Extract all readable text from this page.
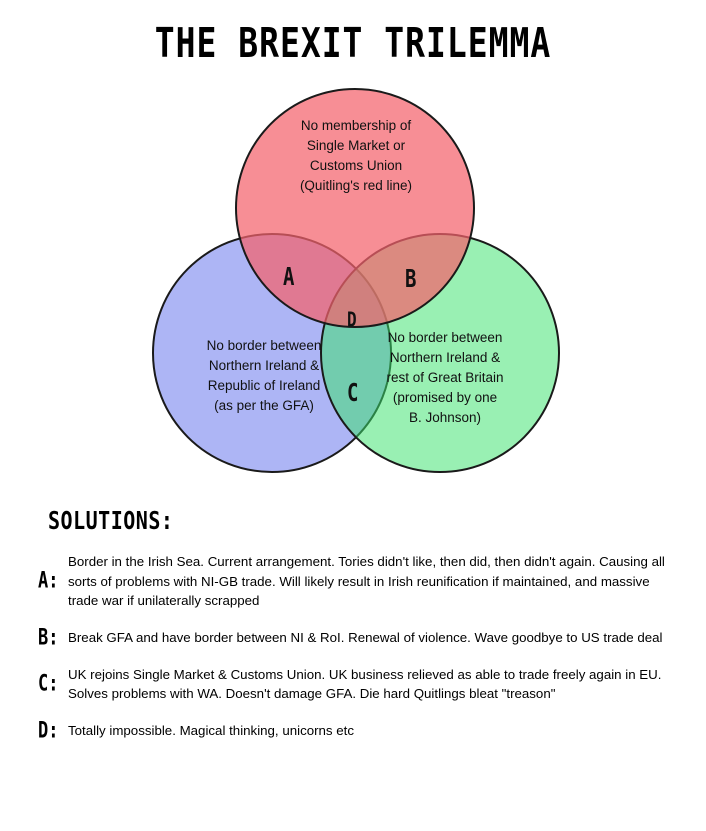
THE BREXIT TRILEMMA
No membership of
Single Market or
Customs Union
(Quitling's red line)
No border between
Northern Ireland &
Republic of Ireland
(as per the GFA)
No border between
Northern Ireland &
rest of Great Britain
(promised by one
B. Johnson)
A	B
C
D
SOLUTIONS:
A:
Border in the Irish Sea. Current arrangement. Tories didn't like, then did, then didn't again. Causing all sorts of problems with NI-GB trade. Will likely result in Irish reunification if maintained, and massive trade war if unilaterally scrapped
B: Break GFA and have border between NI & RoI. Renewal of violence. Wave goodbye to US trade deal
C: UK rejoins Single Market & Customs Union. UK business relieved as able to trade freely again in EU. Solves problems with WA. Doesn't damage GFA. Die hard Quitlings bleat "treason"
D: Totally impossible. Magical thinking, unicorns etc
